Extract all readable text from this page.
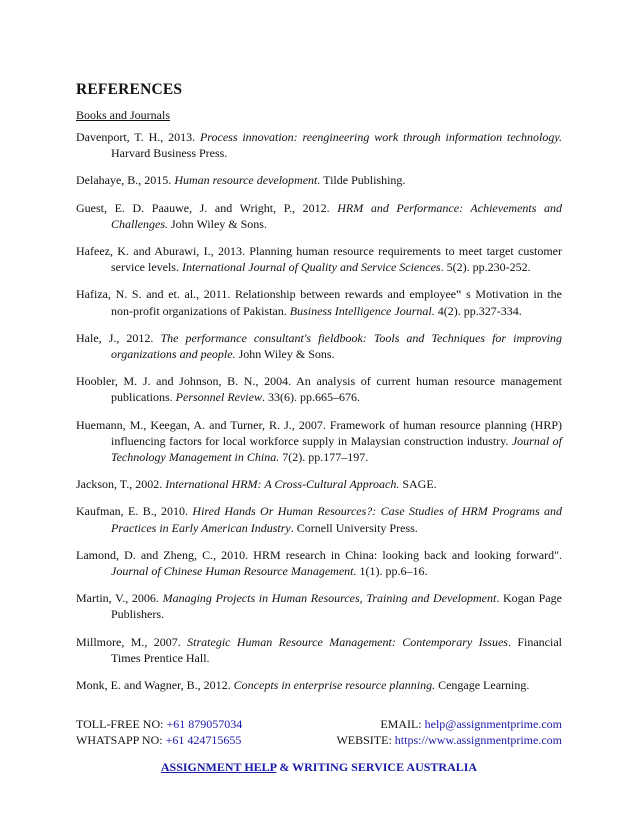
REFERENCES
Books and Journals
Davenport, T. H., 2013. Process innovation: reengineering work through information technology. Harvard Business Press.
Delahaye, B., 2015. Human resource development. Tilde Publishing.
Guest, E. D. Paauwe, J. and Wright, P., 2012. HRM and Performance: Achievements and Challenges. John Wiley & Sons.
Hafeez, K. and Aburawi, I., 2013. Planning human resource requirements to meet target customer service levels. International Journal of Quality and Service Sciences. 5(2). pp.230-252.
Hafiza, N. S. and et. al., 2011. Relationship between rewards and employee‟ s Motivation in the non-profit organizations of Pakistan. Business Intelligence Journal. 4(2). pp.327-334.
Hale, J., 2012. The performance consultant's fieldbook: Tools and Techniques for improving organizations and people. John Wiley & Sons.
Hoobler, M. J. and Johnson, B. N., 2004. An analysis of current human resource management publications. Personnel Review. 33(6). pp.665–676.
Huemann, M., Keegan, A. and Turner, R. J., 2007. Framework of human resource planning (HRP) influencing factors for local workforce supply in Malaysian construction industry. Journal of Technology Management in China. 7(2). pp.177–197.
Jackson, T., 2002. International HRM: A Cross-Cultural Approach. SAGE.
Kaufman, E. B., 2010. Hired Hands Or Human Resources?: Case Studies of HRM Programs and Practices in Early American Industry. Cornell University Press.
Lamond, D. and Zheng, C., 2010. HRM research in China: looking back and looking forward". Journal of Chinese Human Resource Management. 1(1). pp.6–16.
Martin, V., 2006. Managing Projects in Human Resources, Training and Development. Kogan Page Publishers.
Millmore, M., 2007. Strategic Human Resource Management: Contemporary Issues. Financial Times Prentice Hall.
Monk, E. and Wagner, B., 2012. Concepts in enterprise resource planning. Cengage Learning.
TOLL-FREE NO: +61 879057034	EMAIL: help@assignmentprime.com
WHATSAPP NO: +61 424715655	WEBSITE: https://www.assignmentprime.com
ASSIGNMENT HELP & WRITING SERVICE AUSTRALIA
